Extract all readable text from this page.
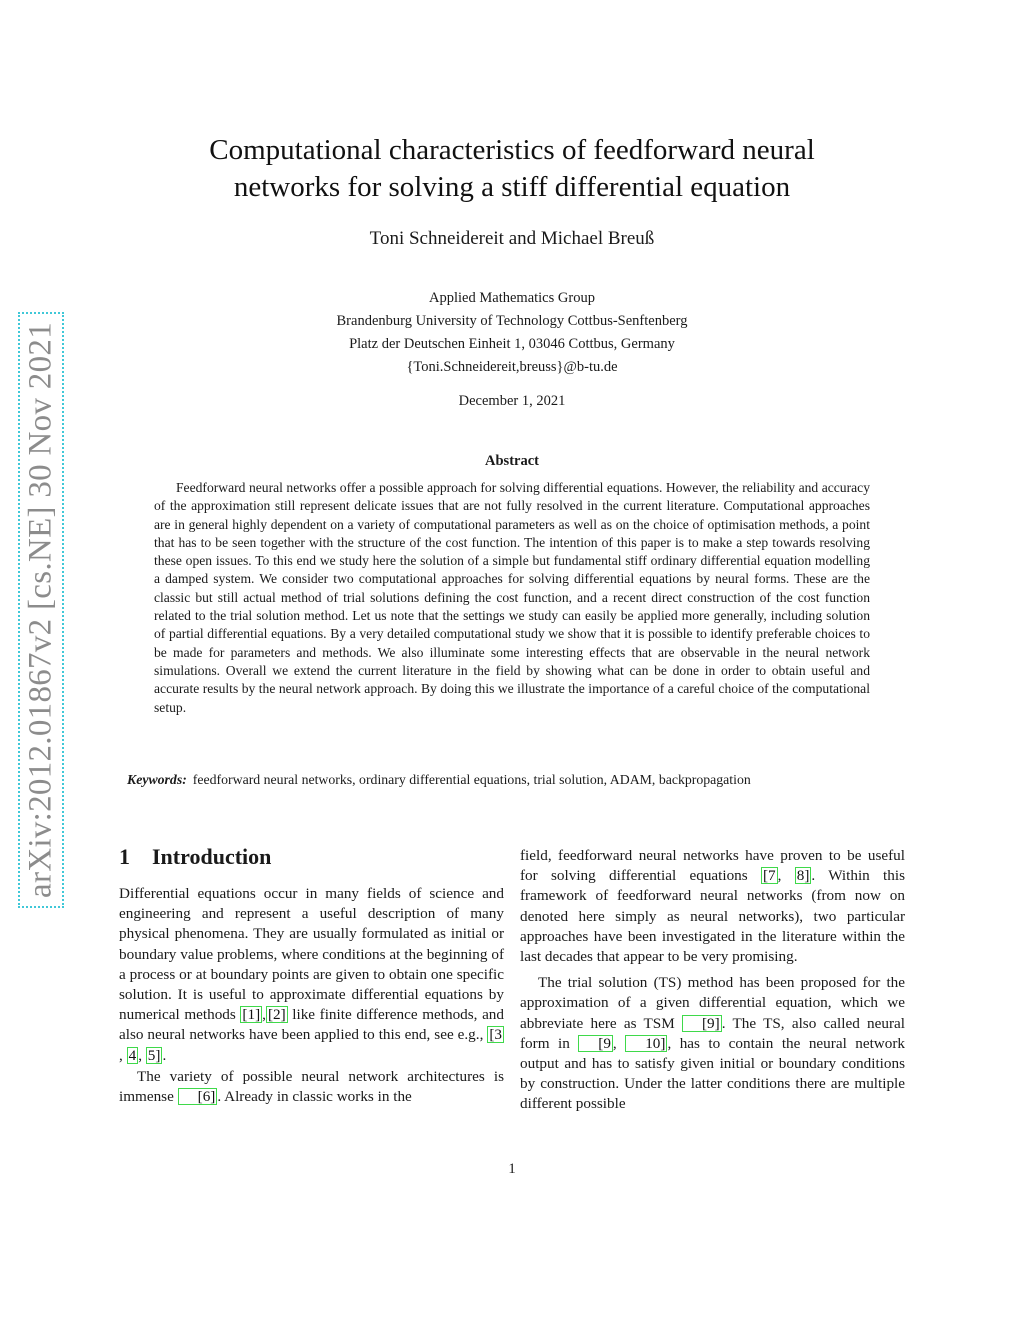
arXiv:2012.01867v2 [cs.NE] 30 Nov 2021
Computational characteristics of feedforward neural
networks for solving a stiff differential equation
Toni Schneidereit and Michael Breuß
Applied Mathematics Group
Brandenburg University of Technology Cottbus-Senftenberg
Platz der Deutschen Einheit 1, 03046 Cottbus, Germany
{Toni.Schneidereit,breuss}@b-tu.de
December 1, 2021
Abstract

Feedforward neural networks offer a possible approach for solving differential equations. However, the reliability and accuracy of the approximation still represent delicate issues that are not fully resolved in the current literature. Computational approaches are in general highly dependent on a variety of computational parameters as well as on the choice of optimisation methods, a point that has to be seen together with the structure of the cost function. The intention of this paper is to make a step towards resolving these open issues. To this end we study here the solution of a simple but fundamental stiff ordinary differential equation modelling a damped system. We consider two computational approaches for solving differential equations by neural forms. These are the classic but still actual method of trial solutions defining the cost function, and a recent direct construction of the cost function related to the trial solution method. Let us note that the settings we study can easily be applied more generally, including solution of partial differential equations. By a very detailed computational study we show that it is possible to identify preferable choices to be made for parameters and methods. We also illuminate some interesting effects that are observable in the neural network simulations. Overall we extend the current literature in the field by showing what can be done in order to obtain useful and accurate results by the neural network approach. By doing this we illustrate the importance of a careful choice of the computational setup.

Keywords: feedforward neural networks, ordinary differential equations, trial solution, ADAM, backpropagation
1 Introduction

Differential equations occur in many fields of science and engineering and represent a useful description of many physical phenomena. They are usually formulated as initial or boundary value problems, where conditions at the beginning of a process or at boundary points are given to obtain one specific solution. It is useful to approximate differential equations by numerical methods [1] , [2] like finite difference methods, and also neural networks have been applied to this end, see e.g., [3, 4 , 5] .

The variety of possible neural network architectures is immense [6] . Already in classic works in the

field, feedforward neural networks have proven to be useful for solving differential equations [7 , 8] . Within this framework of feedforward neural networks (from now on denoted here simply as neural networks), two particular approaches have been investigated in the literature within the last decades that appear to be very promising.

The trial solution (TS) method has been proposed for the approximation of a given differential equation, which we abbreviate here as TSM [9] . The TS, also called neural form in [9 , 10] , has to contain the neural network output and has to satisfy given initial or boundary conditions by construction. Under the latter conditions there are multiple different possible

1
